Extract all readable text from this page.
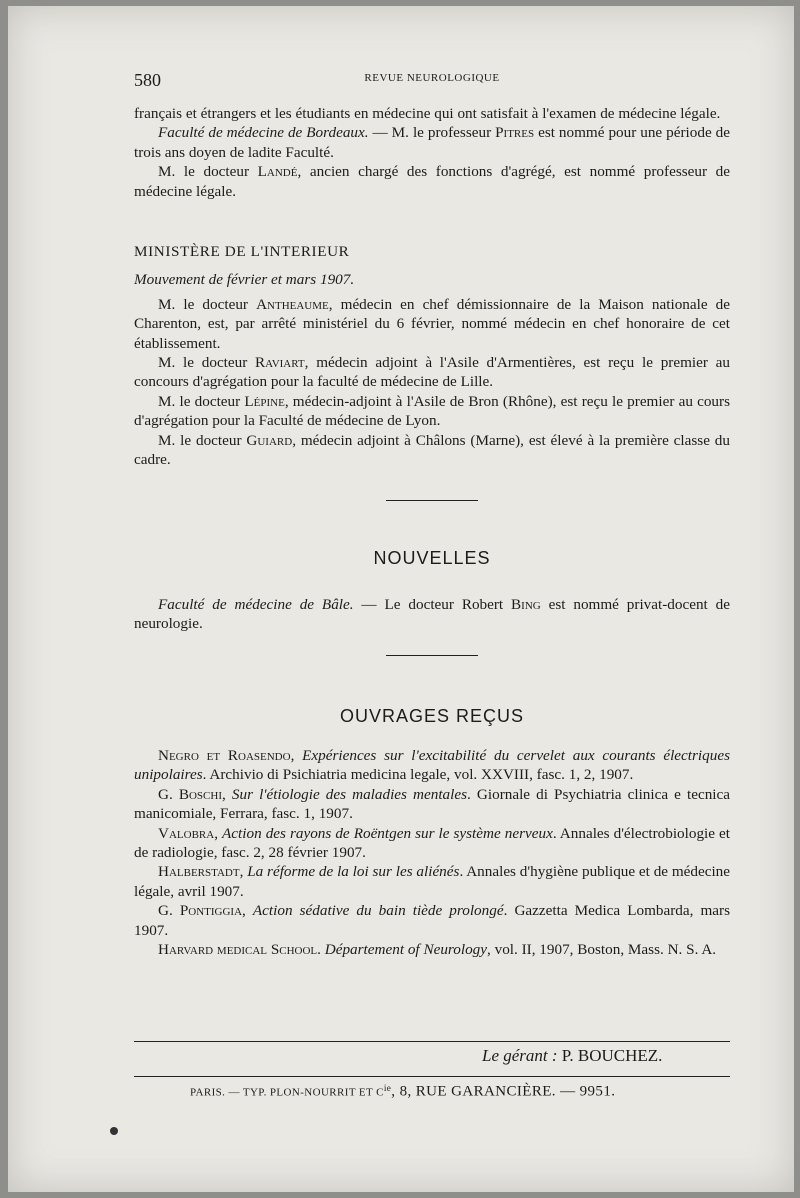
580	REVUE NEUROLOGIQUE

français et étrangers et les étudiants en médecine qui ont satisfait à l'examen de médecine légale.

Faculté de médecine de Bordeaux. — M. le professeur Pitres est nommé pour une période de trois ans doyen de ladite Faculté.

M. le docteur Landé, ancien chargé des fonctions d'agrégé, est nommé professeur de médecine légale.

MINISTÈRE DE L'INTERIEUR

Mouvement de février et mars 1907.

M. le docteur Antheaume, médecin en chef démissionnaire de la Maison nationale de Charenton, est, par arrêté ministériel du 6 février, nommé médecin en chef honoraire de cet établissement.

M. le docteur Raviart, médecin adjoint à l'Asile d'Armentières, est reçu le premier au concours d'agrégation pour la faculté de médecine de Lille.

M. le docteur Lépine, médecin-adjoint à l'Asile de Bron (Rhône), est reçu le premier au cours d'agrégation pour la Faculté de médecine de Lyon.

M. le docteur Guiard, médecin adjoint à Châlons (Marne), est élevé à la première classe du cadre.

NOUVELLES

Faculté de médecine de Bâle. — Le docteur Robert Bing est nommé privat-docent de neurologie.

OUVRAGES REÇUS

Negro et Roasendo, Expériences sur l'excitabilité du cervelet aux courants électriques unipolaires. Archivio di Psichiatria medicina legale, vol. XXVIII, fasc. 1, 2, 1907.

G. Boschi, Sur l'étiologie des maladies mentales. Giornale di Psychiatria clinica e tecnica manicomiale, Ferrara, fasc. 1, 1907.

Valobra, Action des rayons de Roëntgen sur le système nerveux. Annales d'électrobiologie et de radiologie, fasc. 2, 28 février 1907.

Halberstadt, La réforme de la loi sur les aliénés. Annales d'hygiène publique et de médecine légale, avril 1907.

G. Pontiggia, Action sédative du bain tiède prolongé. Gazzetta Medica Lombarda, mars 1907.

Harvard medical School. Département of Neurology, vol. II, 1907, Boston, Mass. N. S. A.

Le gérant : P. BOUCHEZ.
PARIS. — TYP. PLON-NOURRIT ET $C^{ie}$, 8, RUE GARANCIÈRE. — 9951.
